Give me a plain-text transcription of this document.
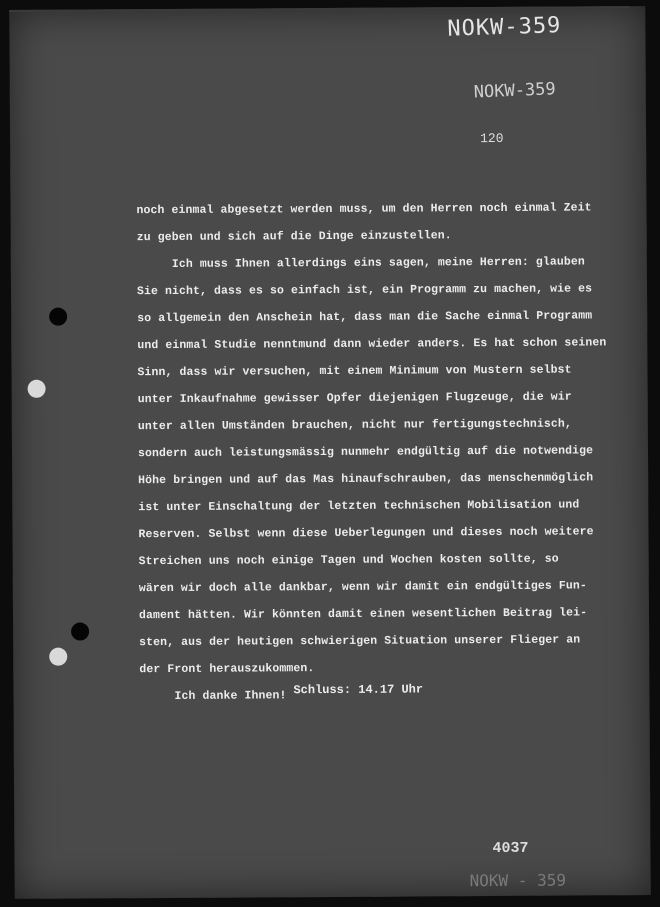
NOKW-359
NOKW-359
120
noch einmal abgesetzt werden muss, um den Herren noch einmal Zeit
zu geben und sich auf die Dinge einzustellen.
Ich muss Ihnen allerdings eins sagen, meine Herren: glauben
Sie nicht, dass es so einfach ist, ein Programm zu machen, wie es
so allgemein den Anschein hat, dass man die Sache einmal Programm
und einmal Studie nenntmund dann wieder anders. Es hat schon seinen
Sinn, dass wir versuchen, mit einem Minimum von Mustern selbst
unter Inkaufnahme gewisser Opfer diejenigen Flugzeuge, die wir
unter allen Umständen brauchen, nicht nur fertigungstechnisch,
sondern auch leistungsmässig nunmehr endgültig auf die notwendige
Höhe bringen und auf das Mas hinaufschrauben, das menschenmöglich
ist unter Einschaltung der letzten technischen Mobilisation und
Reserven. Selbst wenn diese Ueberlegungen und dieses noch weitere
Streichen uns noch einige Tagen und Wochen kosten sollte, so
wären wir doch alle dankbar, wenn wir damit ein endgültiges Fun-
dament hätten. Wir könnten damit einen wesentlichen Beitrag lei-
sten, aus der heutigen schwierigen Situation unserer Flieger an
der Front herauszukommen.
Ich danke Ihnen! Schluss: 14.17 Uhr
4037
NOKW - 359
